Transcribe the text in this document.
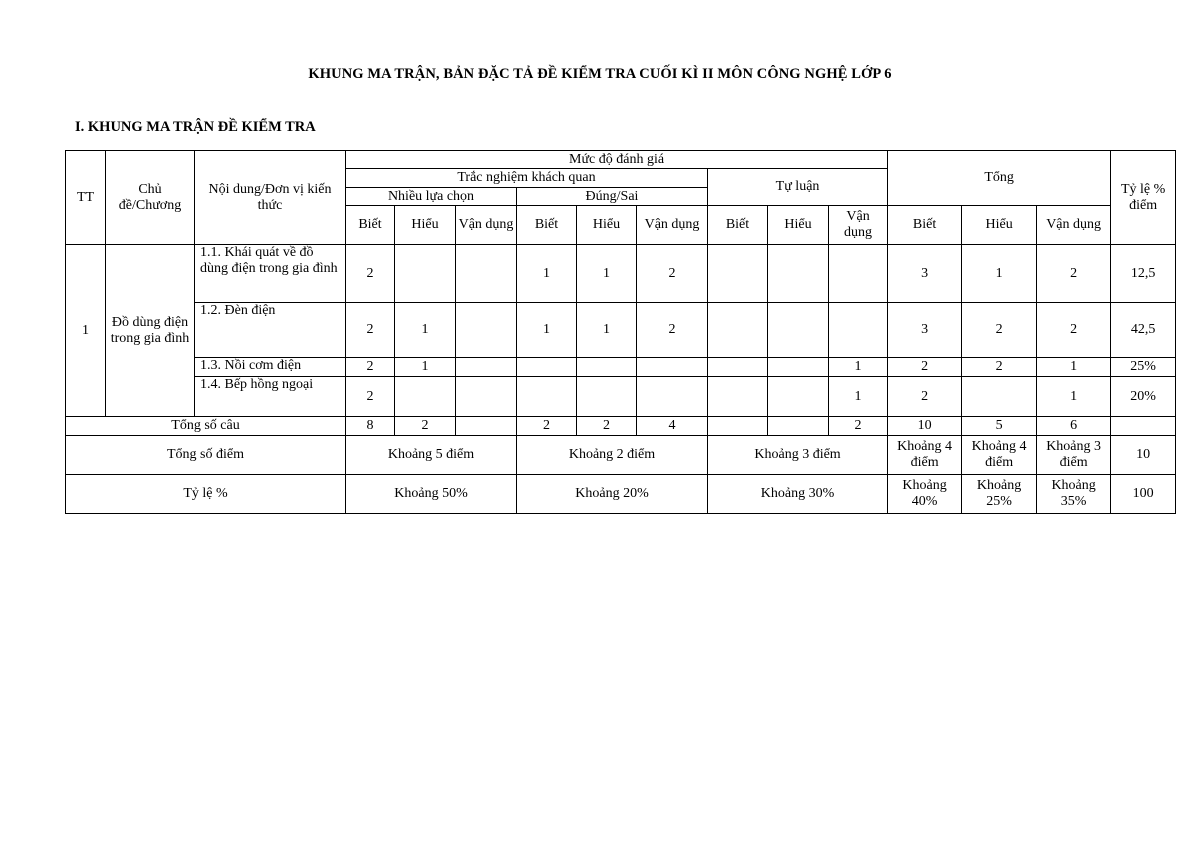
KHUNG MA TRẬN, BẢN ĐẶC TẢ ĐỀ KIỂM TRA CUỐI KÌ II MÔN CÔNG NGHỆ LỚP 6
I. KHUNG MA TRẬN ĐỀ KIỂM TRA
TT	Chủ đề/Chương	Nội dung/Đơn vị kiến thức	Mức độ đánh giá									Tổng			Tỷ lệ % điểm
			Trắc nghiệm khách quan						Tự luận						
			Nhiều lựa chọn			Đúng/Sai									
			Biết	Hiểu	Vận dụng	Biết	Hiểu	Vận dụng	Biết	Hiểu	Vận dụng	Biết	Hiểu	Vận dụng	
1	Đồ dùng điện trong gia đình	1.1. Khái quát về đồ dùng điện trong gia đình	2			1	1	2				3	1	2	12,5
		1.2. Đèn điện	2	1		1	1	2				3	2	2	42,5
		1.3. Nồi cơm điện	2	1							1	2	2	1	25%
		1.4. Bếp hồng ngoại	2								1	2		1	20%
Tổng số câu			8	2		2	2	4			2	10	5	6	
Tổng số điểm			Khoảng 5 điểm			Khoảng 2 điểm			Khoảng 3 điểm			Khoảng 4 điểm	Khoảng 4 điểm	Khoảng 3 điểm	10
Tỷ lệ %			Khoảng 50%			Khoảng 20%			Khoảng 30%			Khoảng 40%	Khoảng 25%	Khoảng 35%	100
